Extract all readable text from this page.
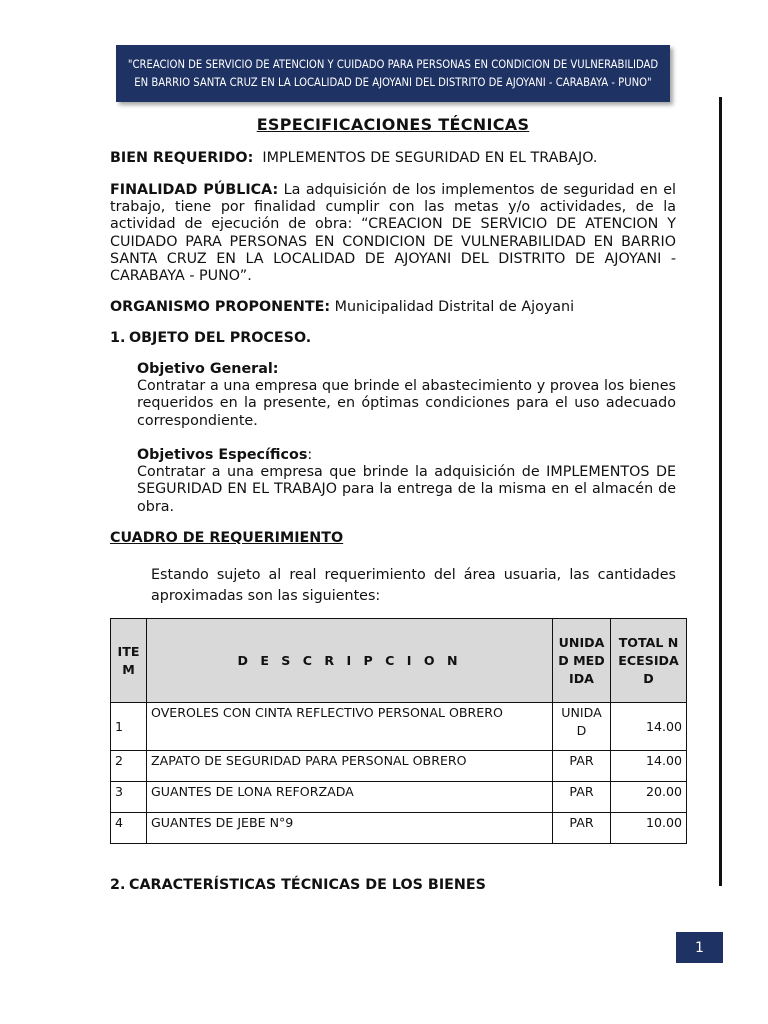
"CREACION DE SERVICIO DE ATENCION Y CUIDADO PARA PERSONAS EN CONDICION DE VULNERABILIDAD EN BARRIO SANTA CRUZ EN LA LOCALIDAD DE AJOYANI DEL DISTRITO DE AJOYANI - CARABAYA - PUNO"
ESPECIFICACIONES TÉCNICAS
BIEN REQUERIDO: IMPLEMENTOS DE SEGURIDAD EN EL TRABAJO.
FINALIDAD PÚBLICA: La adquisición de los implementos de seguridad en el trabajo, tiene por finalidad cumplir con las metas y/o actividades, de la actividad de ejecución de obra: “CREACION DE SERVICIO DE ATENCION Y CUIDADO PARA PERSONAS EN CONDICION DE VULNERABILIDAD EN BARRIO SANTA CRUZ EN LA LOCALIDAD DE AJOYANI DEL DISTRITO DE AJOYANI - CARABAYA - PUNO”.
ORGANISMO PROPONENTE: Municipalidad Distrital de Ajoyani
1. OBJETO DEL PROCESO.
Objetivo General:
Contratar a una empresa que brinde el abastecimiento y provea los bienes requeridos en la presente, en óptimas condiciones para el uso adecuado correspondiente.
Objetivos Específicos:
Contratar a una empresa que brinde la adquisición de IMPLEMENTOS DE SEGURIDAD EN EL TRABAJO para la entrega de la misma en el almacén de obra.
CUADRO DE REQUERIMIENTO
Estando sujeto al real requerimiento del área usuaria, las cantidades aproximadas son las siguientes:
ITEM	D E S C R I P C I O N	UNIDAD MEDIDA	TOTAL NECESIDAD
1	OVEROLES CON CINTA REFLECTIVO PERSONAL OBRERO	UNIDAD	14.00
2	ZAPATO DE SEGURIDAD PARA PERSONAL OBRERO	PAR	14.00
3	GUANTES DE LONA REFORZADA	PAR	20.00
4	GUANTES DE JEBE N°9	PAR	10.00
2. CARACTERÍSTICAS TÉCNICAS DE LOS BIENES
1
